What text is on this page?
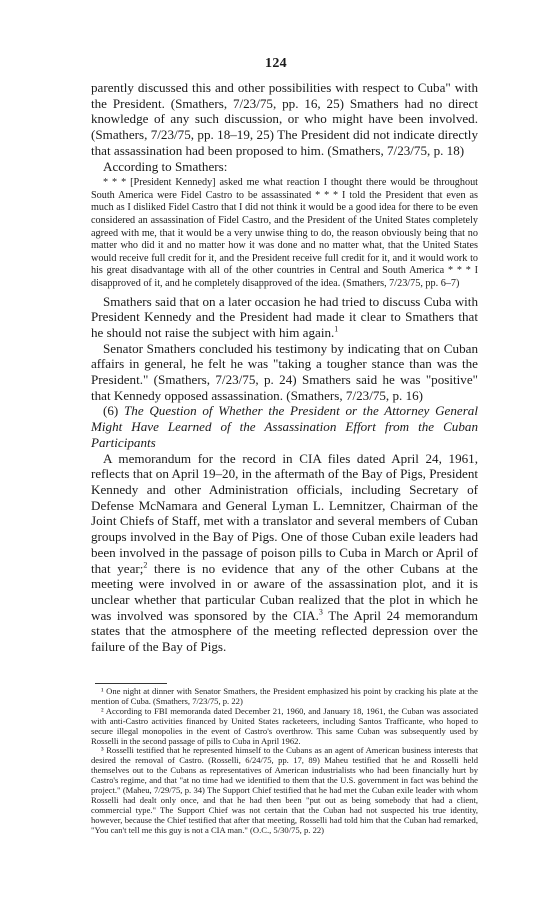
124

parently discussed this and other possibilities with respect to Cuba" with the President. (Smathers, 7/23/75, pp. 16, 25) Smathers had no direct knowledge of any such discussion, or who might have been involved. (Smathers, 7/23/75, pp. 18–19, 25) The President did not indicate directly that assassination had been proposed to him. (Smathers, 7/23/75, p. 18)

According to Smathers:

* * * [President Kennedy] asked me what reaction I thought there would be throughout South America were Fidel Castro to be assassinated * * * I told the President that even as much as I disliked Fidel Castro that I did not think it would be a good idea for there to be even considered an assassination of Fidel Castro, and the President of the United States completely agreed with me, that it would be a very unwise thing to do, the reason obviously being that no matter who did it and no matter how it was done and no matter what, that the United States would receive full credit for it, and the President receive full credit for it, and it would work to his great disadvantage with all of the other countries in Central and South America * * * I disapproved of it, and he completely disapproved of the idea. (Smathers, 7/23/75, pp. 6–7)

Smathers said that on a later occasion he had tried to discuss Cuba with President Kennedy and the President had made it clear to Smathers that he should not raise the subject with him again.$^1$

Senator Smathers concluded his testimony by indicating that on Cuban affairs in general, he felt he was "taking a tougher stance than was the President." (Smathers, 7/23/75, p. 24) Smathers said he was "positive" that Kennedy opposed assassination. (Smathers, 7/23/75, p. 16)

(6) The Question of Whether the President or the Attorney General Might Have Learned of the Assassination Effort from the Cuban Participants

A memorandum for the record in CIA files dated April 24, 1961, reflects that on April 19–20, in the aftermath of the Bay of Pigs, President Kennedy and other Administration officials, including Secretary of Defense McNamara and General Lyman L. Lemnitzer, Chairman of the Joint Chiefs of Staff, met with a translator and several members of Cuban groups involved in the Bay of Pigs. One of those Cuban exile leaders had been involved in the passage of poison pills to Cuba in March or April of that year;$^2$ there is no evidence that any of the other Cubans at the meeting were involved in or aware of the assassination plot, and it is unclear whether that particular Cuban realized that the plot in which he was involved was sponsored by the CIA.$^3$ The April 24 memorandum states that the atmosphere of the meeting reflected depression over the failure of the Bay of Pigs.

¹ One night at dinner with Senator Smathers, the President emphasized his point by cracking his plate at the mention of Cuba. (Smathers, 7/23/75, p. 22)

² According to FBI memoranda dated December 21, 1960, and January 18, 1961, the Cuban was associated with anti-Castro activities financed by United States racketeers, including Santos Trafficante, who hoped to secure illegal monopolies in the event of Castro's overthrow. This same Cuban was subsequently used by Rosselli in the second passage of pills to Cuba in April 1962.

³ Rosselli testified that he represented himself to the Cubans as an agent of American business interests that desired the removal of Castro. (Rosselli, 6/24/75, pp. 17, 89) Maheu testified that he and Rosselli held themselves out to the Cubans as representatives of American industrialists who had been financially hurt by Castro's regime, and that "at no time had we identified to them that the U.S. government in fact was behind the project." (Maheu, 7/29/75, p. 34) The Support Chief testified that he had met the Cuban exile leader with whom Rosselli had dealt only once, and that he had then been "put out as being somebody that had a client, commercial type." The Support Chief was not certain that the Cuban had not suspected his true identity, however, because the Chief testified that after that meeting, Rosselli had told him that the Cuban had remarked, "You can't tell me this guy is not a CIA man." (O.C., 5/30/75, p. 22)
